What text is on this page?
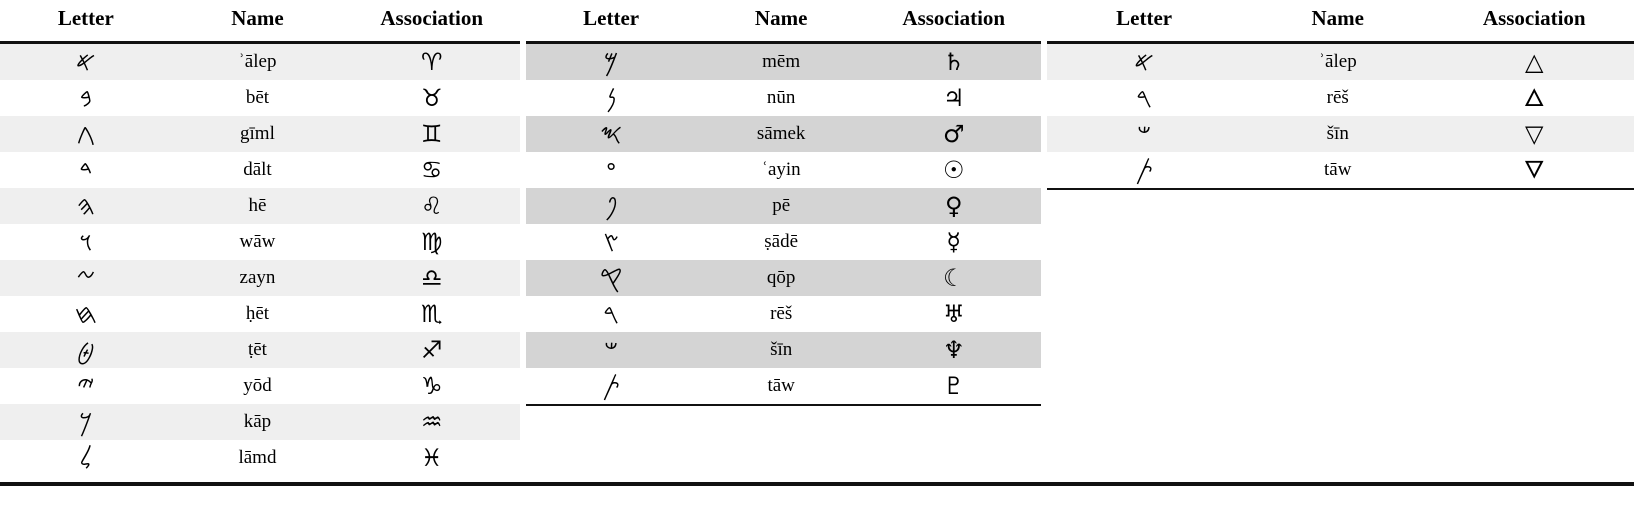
Letter	Name	Association
𐤀	ʾālep	♈
𐤁	bēt	♉
𐤂	gīml	♊
𐤃	dālt	♋
𐤄	hē	♌
𐤅	wāw	♍
𐤆	zayn	♎
𐤇	ḥēt	♏
𐤈	ṭēt	♐
𐤉	yōd	♑
𐤊	kāp	♒
𐤋	lāmd	♓
Letter	Name	Association
𐤌	mēm	♄
𐤍	nūn	♃
𐤎	sāmek	♂
𐤏	ʿayin	☉
𐤐	pē	♀
𐤑	ṣādē	☿
𐤒	qōp	☾
𐤓	rēš	♅
𐤔	šīn	♆
𐤕	tāw	♇
Letter	Name	Association
𐤀	ʾālep	△
𐤓	rēš	🜂
𐤔	šīn	▽
𐤕	tāw	🜄
